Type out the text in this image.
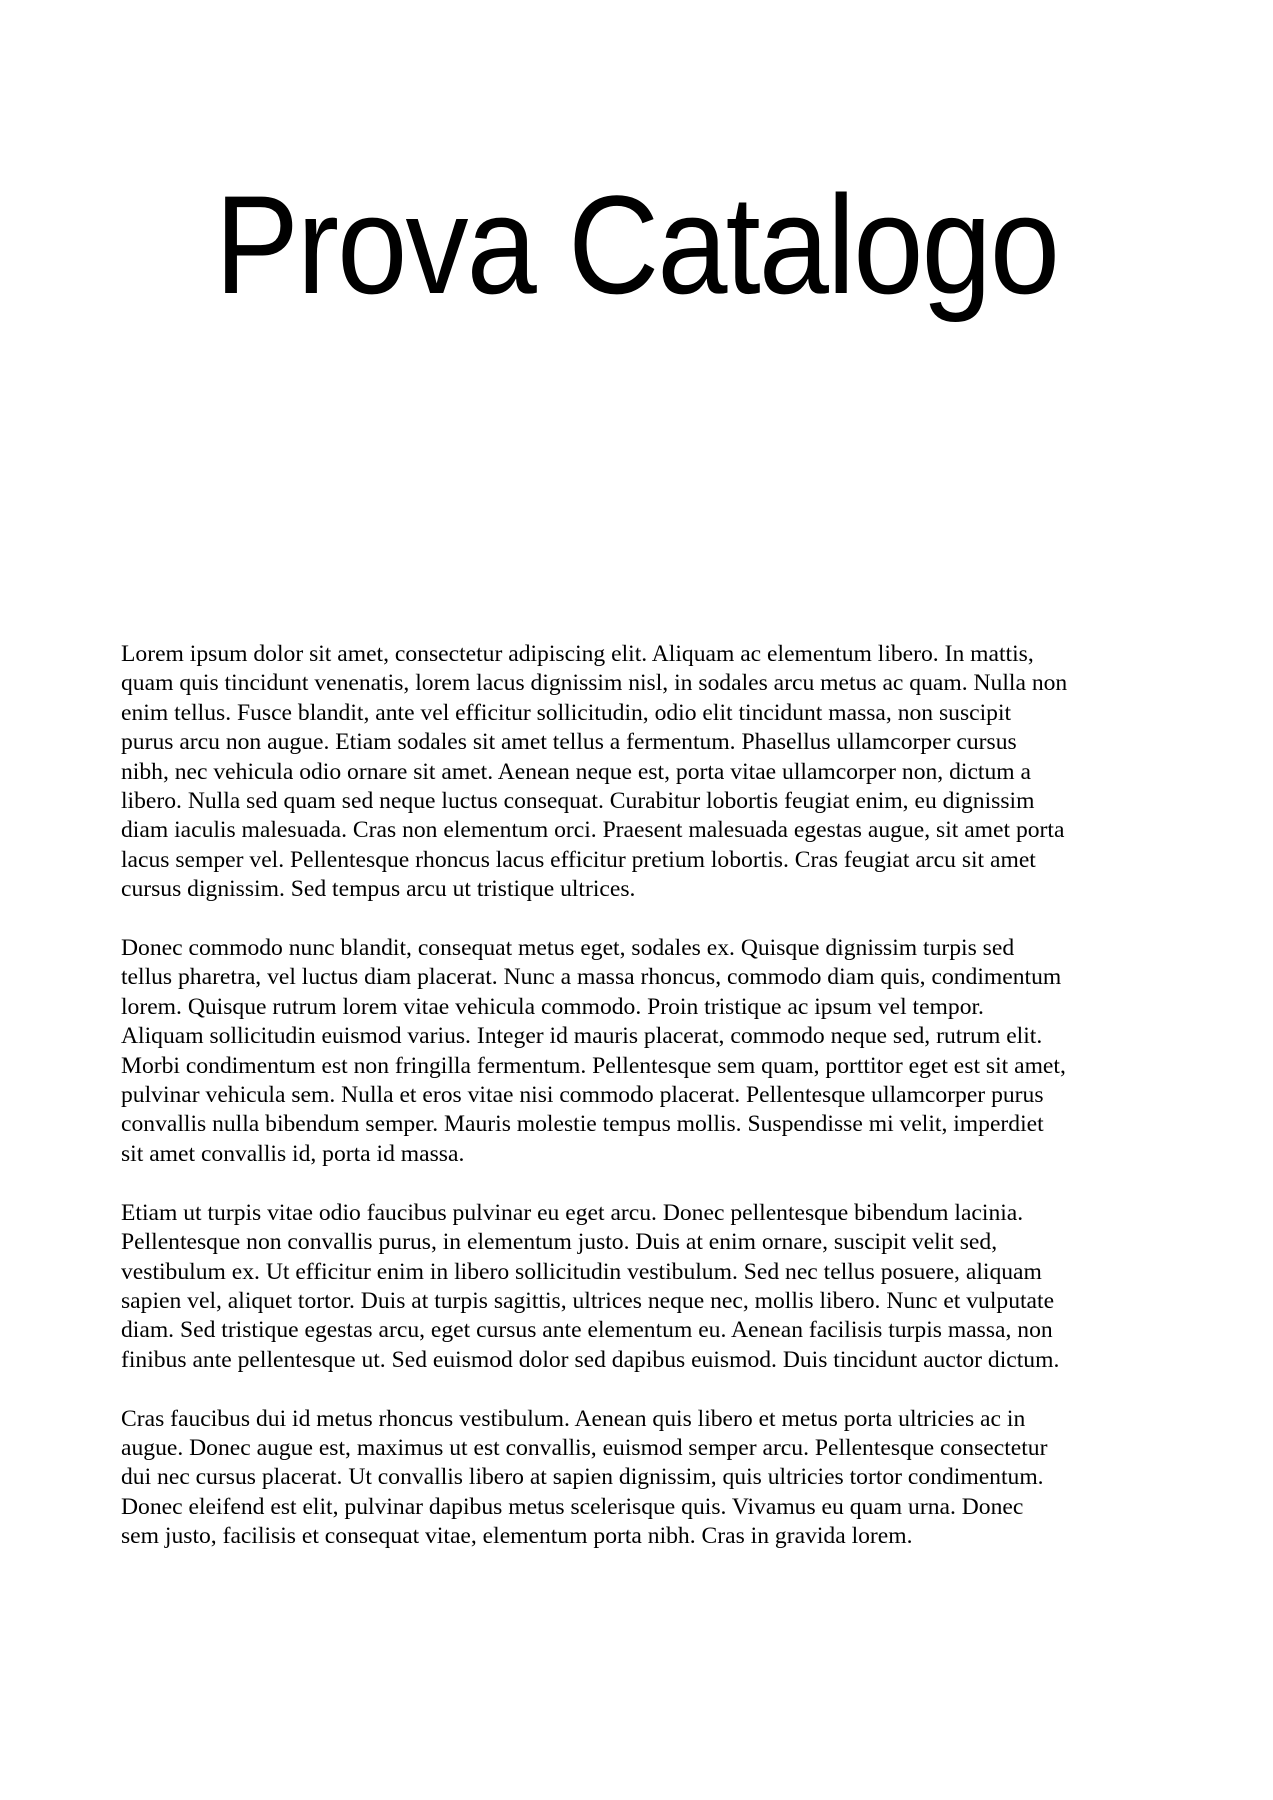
Prova Catalogo

Lorem ipsum dolor sit amet, consectetur adipiscing elit. Aliquam ac elementum libero. In mattis,
quam quis tincidunt venenatis, lorem lacus dignissim nisl, in sodales arcu metus ac quam. Nulla non
enim tellus. Fusce blandit, ante vel efficitur sollicitudin, odio elit tincidunt massa, non suscipit
purus arcu non augue. Etiam sodales sit amet tellus a fermentum. Phasellus ullamcorper cursus
nibh, nec vehicula odio ornare sit amet. Aenean neque est, porta vitae ullamcorper non, dictum a
libero. Nulla sed quam sed neque luctus consequat. Curabitur lobortis feugiat enim, eu dignissim
diam iaculis malesuada. Cras non elementum orci. Praesent malesuada egestas augue, sit amet porta
lacus semper vel. Pellentesque rhoncus lacus efficitur pretium lobortis. Cras feugiat arcu sit amet
cursus dignissim. Sed tempus arcu ut tristique ultrices.

Donec commodo nunc blandit, consequat metus eget, sodales ex. Quisque dignissim turpis sed
tellus pharetra, vel luctus diam placerat. Nunc a massa rhoncus, commodo diam quis, condimentum
lorem. Quisque rutrum lorem vitae vehicula commodo. Proin tristique ac ipsum vel tempor.
Aliquam sollicitudin euismod varius. Integer id mauris placerat, commodo neque sed, rutrum elit.
Morbi condimentum est non fringilla fermentum. Pellentesque sem quam, porttitor eget est sit amet,
pulvinar vehicula sem. Nulla et eros vitae nisi commodo placerat. Pellentesque ullamcorper purus
convallis nulla bibendum semper. Mauris molestie tempus mollis. Suspendisse mi velit, imperdiet
sit amet convallis id, porta id massa.

Etiam ut turpis vitae odio faucibus pulvinar eu eget arcu. Donec pellentesque bibendum lacinia.
Pellentesque non convallis purus, in elementum justo. Duis at enim ornare, suscipit velit sed,
vestibulum ex. Ut efficitur enim in libero sollicitudin vestibulum. Sed nec tellus posuere, aliquam
sapien vel, aliquet tortor. Duis at turpis sagittis, ultrices neque nec, mollis libero. Nunc et vulputate
diam. Sed tristique egestas arcu, eget cursus ante elementum eu. Aenean facilisis turpis massa, non
finibus ante pellentesque ut. Sed euismod dolor sed dapibus euismod. Duis tincidunt auctor dictum.

Cras faucibus dui id metus rhoncus vestibulum. Aenean quis libero et metus porta ultricies ac in
augue. Donec augue est, maximus ut est convallis, euismod semper arcu. Pellentesque consectetur
dui nec cursus placerat. Ut convallis libero at sapien dignissim, quis ultricies tortor condimentum.
Donec eleifend est elit, pulvinar dapibus metus scelerisque quis. Vivamus eu quam urna. Donec
sem justo, facilisis et consequat vitae, elementum porta nibh. Cras in gravida lorem.
